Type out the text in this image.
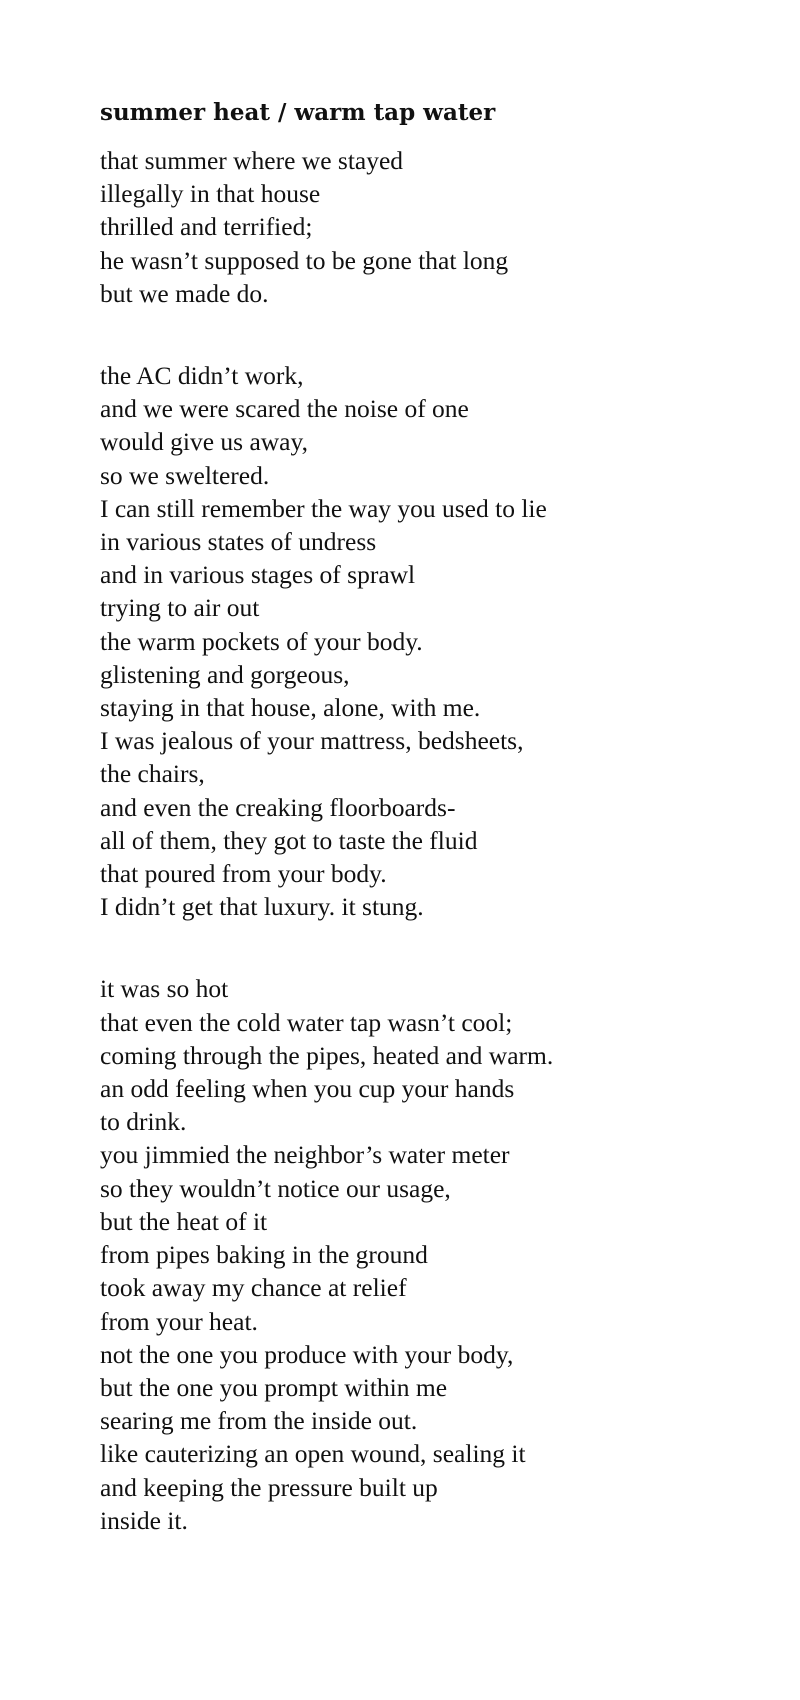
summer heat / warm tap water
that summer where we stayed
illegally in that house
thrilled and terrified;
he wasn’t supposed to be gone that long
but we made do.
the AC didn’t work,
and we were scared the noise of one
would give us away,
so we sweltered.
I can still remember the way you used to lie
in various states of undress
and in various stages of sprawl
trying to air out
the warm pockets of your body.
glistening and gorgeous,
staying in that house, alone, with me.
I was jealous of your mattress, bedsheets,
the chairs,
and even the creaking floorboards-
all of them, they got to taste the fluid
that poured from your body.
I didn’t get that luxury. it stung.
it was so hot
that even the cold water tap wasn’t cool;
coming through the pipes, heated and warm.
an odd feeling when you cup your hands
to drink.
you jimmied the neighbor’s water meter
so they wouldn’t notice our usage,
but the heat of it
from pipes baking in the ground
took away my chance at relief
from your heat.
not the one you produce with your body,
but the one you prompt within me
searing me from the inside out.
like cauterizing an open wound, sealing it
and keeping the pressure built up
inside it.
